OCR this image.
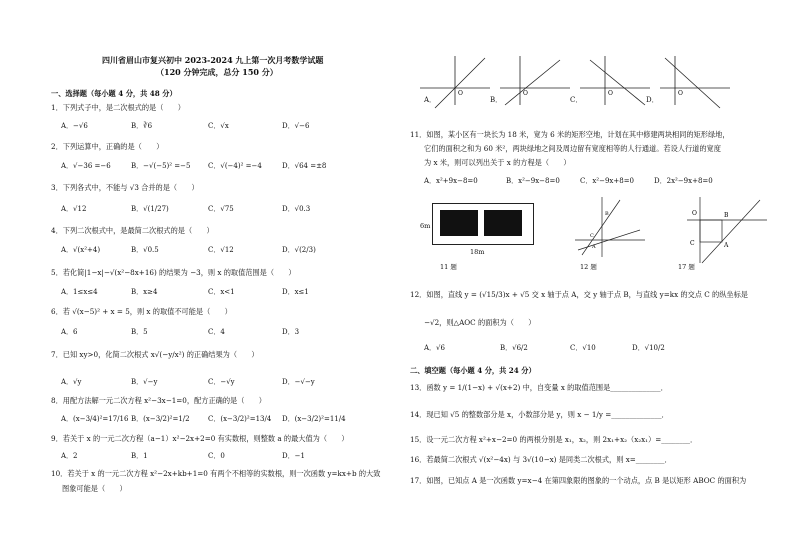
四川省眉山市复兴初中 2023-2024 九上第一次月考数学试题
（120 分钟完成，总分 150 分）
一、选择题（每小题 4 分，共 48 分）
1．下列式子中，是二次根式的是（　　）
A．−√6	B．∛6	C．√x	D．√−6
2．下列运算中，正确的是（　　）
A．√−36 =−6	B．−√(−5)² =−5	C．√(−4)² =−4	D．√64 =±8
3．下列各式中，不能与 √3 合并的是（　　）
A．√12	B．√(1/27)	C．√75	D．√0.3
4．下列二次根式中，是最简二次根式的是（　　）
A．√(x²+4)	B．√0.5	C．√12	D．√(2/3)
5．若化简|1−x|−√(x²−8x+16) 的结果为 −3，则 x 的取值范围是（　　）
A．1≤x≤4	B．x≥4	C．x<1	D．x≤1
6．若 √(x−5)² + x = 5，则 x 的取值不可能是（　　）
A．6	B．5	C．4	D．3
7．已知 xy>0，化简二次根式 x√(−y/x²) 的正确结果为（　　）
A．√y	B．√−y	C．−√y	D．−√−y
8．用配方法解一元二次方程 x²−3x−1=0，配方正确的是（　　）
A．(x−3/4)²=17/16 B．(x−3/2)²=1/2	C．(x−3/2)²=13/4 D．(x−3/2)²=11/4
9．若关于 x 的一元二次方程（a−1）x²−2x+2=0 有实数根，则整数 a 的最大值为（　　）
A．2	B．1	C．0	D．−1
10．若关于 x 的一元二次方程 x²−2x+kb+1=0 有两个不相等的实数根，则一次函数 y=kx+b 的大致
图象可能是（　　）
O	O	O	O
A．	B．	C．	D．
11．如图，某小区有一块长为 18 米，宽为 6 米的矩形空地，计划在其中修建两块相同的矩形绿地，
它们的面积之和为 60 米²，两块绿地之间及周边留有宽度相等的人行通道。若设人行道的宽度
为 x 米，则可以列出关于 x 的方程是（　　）
A．x²+9x−8=0	B．x²−9x−8=0	C．x²−9x+8=0	D．2x²−9x+8=0
6m
18m
11 题
A
B
C
12 题
O	B
C	A
17 题
12．如图，直线 y = (√15/3)x + √5 交 x 轴于点 A，交 y 轴于点 B，与直线 y=kx 的交点 C 的纵坐标是
−√2，则△AOC 的面积为（　　）
A．√6	B．√6/2	C．√10	D．√10/2
二、填空题（每小题 4 分，共 24 分）
13．函数 y = 1/(1−x) + √(x+2) 中，自变量 x 的取值范围是______________．
14．现已知 √5 的整数部分是 x，小数部分是 y，则 x − 1/y =______________．
15．设一元二次方程 x²+x−2=0 的两根分别是 x₁，x₂，则 2x₁+x₂（x₂x₁）=________．
16．若最简二次根式 √(x²−4x) 与 3√(10−x) 是同类二次根式，则 x=________．
17．如图，已知点 A 是一次函数 y=x−4 在第四象限的图象的一个动点，点 B 是以矩形 ABOC 的面积为
